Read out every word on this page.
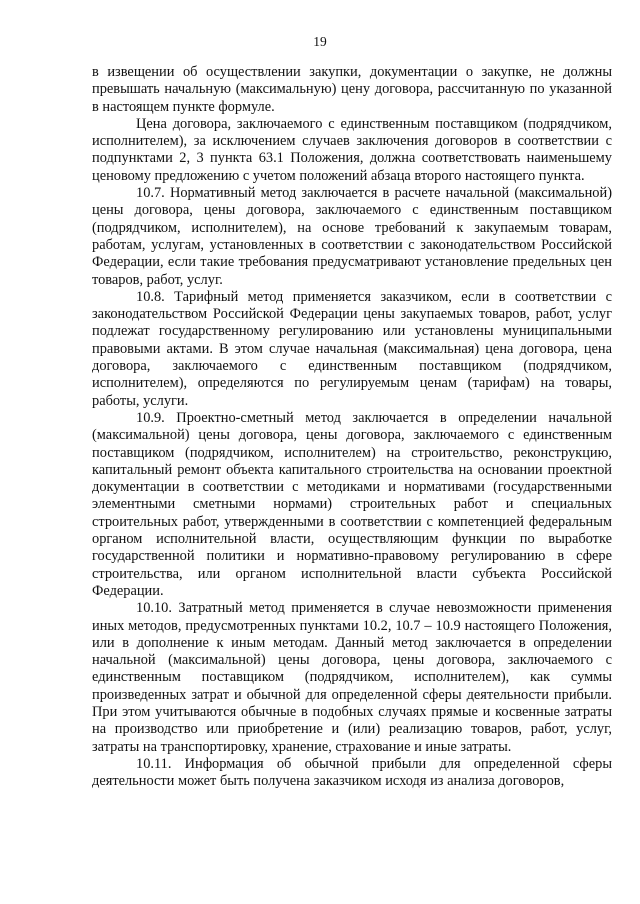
19

в извещении об осуществлении закупки, документации о закупке, не должны превышать начальную (максимальную) цену договора, рассчитанную по указанной в настоящем пункте формуле.

Цена договора, заключаемого с единственным поставщиком (подрядчиком, исполнителем), за исключением случаев заключения договоров в соответствии с подпунктами 2, 3 пункта 63.1 Положения, должна соответствовать наименьшему ценовому предложению с учетом положений абзаца второго настоящего пункта.

10.7. Нормативный метод заключается в расчете начальной (максимальной) цены договора, цены договора, заключаемого с единственным поставщиком (подрядчиком, исполнителем), на основе требований к закупаемым товарам, работам, услугам, установленных в соответствии с законодательством Российской Федерации, если такие требования предусматривают установление предельных цен товаров, работ, услуг.

10.8. Тарифный метод применяется заказчиком, если в соответствии с законодательством Российской Федерации цены закупаемых товаров, работ, услуг подлежат государственному регулированию или установлены муниципальными правовыми актами. В этом случае начальная (максимальная) цена договора, цена договора, заключаемого с единственным поставщиком (подрядчиком, исполнителем), определяются по регулируемым ценам (тарифам) на товары, работы, услуги.

10.9. Проектно-сметный метод заключается в определении начальной (максимальной) цены договора, цены договора, заключаемого с единственным поставщиком (подрядчиком, исполнителем) на строительство, реконструкцию, капитальный ремонт объекта капитального строительства на основании проектной документации в соответствии с методиками и нормативами (государственными элементными сметными нормами) строительных работ и специальных строительных работ, утвержденными в соответствии с компетенцией федеральным органом исполнительной власти, осуществляющим функции по выработке государственной политики и нормативно-правовому регулированию в сфере строительства, или органом исполнительной власти субъекта Российской Федерации.

10.10. Затратный метод применяется в случае невозможности применения иных методов, предусмотренных пунктами 10.2, 10.7 – 10.9 настоящего Положения, или в дополнение к иным методам. Данный метод заключается в определении начальной (максимальной) цены договора, цены договора, заключаемого с единственным поставщиком (подрядчиком, исполнителем), как суммы произведенных затрат и обычной для определенной сферы деятельности прибыли. При этом учитываются обычные в подобных случаях прямые и косвенные затраты на производство или приобретение и (или) реализацию товаров, работ, услуг, затраты на транспортировку, хранение, страхование и иные затраты.

10.11. Информация об обычной прибыли для определенной сферы деятельности может быть получена заказчиком исходя из анализа договоров,
